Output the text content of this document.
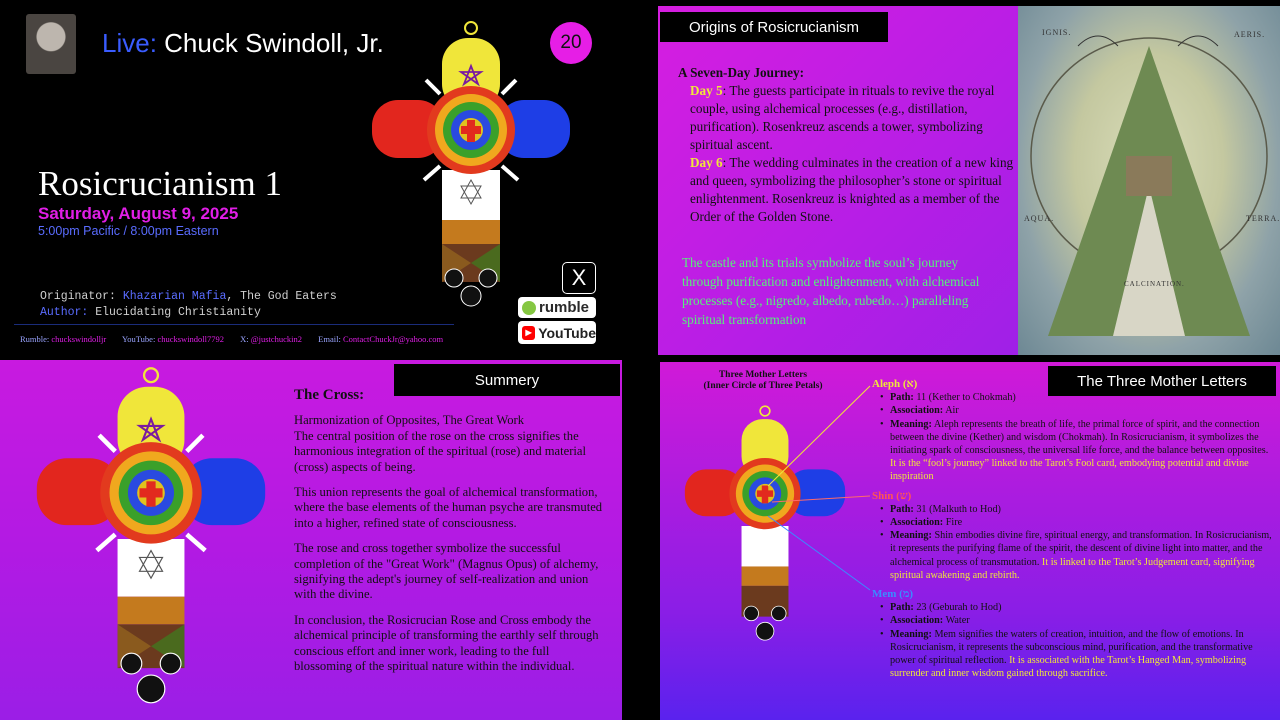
Live: Chuck Swindoll, Jr.	20
Rosicrucianism 1
Saturday, August 9, 2025
5:00pm Pacific / 8:00pm Eastern
Originator: Khazarian Mafia, The God Eaters
Author: Elucidating Christianity
Rumble: chuckswindolljr YouTube: chuckswindoll7792 X: @justchuckin2 Email: ContactChuckJr@yahoo.com
X
rumble
▶ YouTube
Origins of Rosicrucianism
A Seven-Day Journey:
Day 5: The guests participate in rituals to revive the royal couple, using alchemical processes (e.g., distillation, purification). Rosenkreuz ascends a tower, symbolizing spiritual ascent.
Day 6: The wedding culminates in the creation of a new king and queen, symbolizing the philosopher’s stone or spiritual enlightenment. Rosenkreuz is knighted as a member of the Order of the Golden Stone.
The castle and its trials symbolize the soul’s journey through purification and enlightenment, with alchemical processes (e.g., nigredo, albedo, rubedo…) paralleling spiritual transformation
IGNIS.	AERIS.
AQUA.	TERRA.
CALCINATION.
Summery
The Cross:
Harmonization of Opposites, The Great Work

The central position of the rose on the cross signifies the harmonious integration of the spiritual (rose) and material (cross) aspects of being.

This union represents the goal of alchemical transformation, where the base elements of the human psyche are transmuted into a higher, refined state of consciousness.

The rose and cross together symbolize the successful completion of the "Great Work" (Magnus Opus) of alchemy, signifying the adept's journey of self-realization and union with the divine.

In conclusion, the Rosicrucian Rose and Cross embody the alchemical principle of transforming the earthly self through conscious effort and inner work, leading to the full blossoming of the spiritual nature within the individual.

The Three Mother Letters
Three Mother Letters
(Inner Circle of Three Petals)	Aleph (א)
• Path: 11 (Kether to Chokmah)
• Association: Air
• Meaning: Aleph represents the breath of life, the primal force of spirit, and the connection between the divine (Kether) and wisdom (Chokmah). In Rosicrucianism, it symbolizes the initiating spark of consciousness, the universal life force, and the balance between opposites. It is the “fool’s journey” linked to the Tarot’s Fool card, embodying potential and divine inspiration
Shin (ש)
• Path: 31 (Malkuth to Hod)
• Association: Fire
• Meaning: Shin embodies divine fire, spiritual energy, and transformation. In Rosicrucianism, it represents the purifying flame of the spirit, the descent of divine light into matter, and the alchemical process of transmutation. It is linked to the Tarot’s Judgement card, signifying spiritual awakening and rebirth.
Mem (מ)
• Path: 23 (Geburah to Hod)
• Association: Water
• Meaning: Mem signifies the waters of creation, intuition, and the flow of emotions. In Rosicrucianism, it represents the subconscious mind, purification, and the transformative power of spiritual reflection. It is associated with the Tarot’s Hanged Man, symbolizing surrender and inner wisdom gained through sacrifice.
